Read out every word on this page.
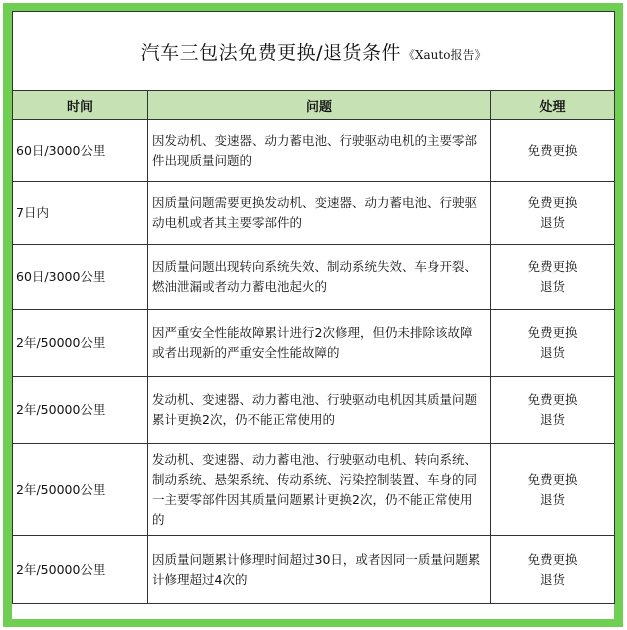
汽车三包法免费更换/退货条件 《Xauto报告》		
时间	问题	处理
60日/3000公里	因发动机、变速器、动力蓄电池、行驶驱动电机的主要零部件出现质量问题的	免费更换

7日内	因质量问题需要更换发动机、变速器、动力蓄电池、行驶驱动电机或者其主要零部件的	免费更换
退货

60日/3000公里	因质量问题出现转向系统失效、制动系统失效、车身开裂、燃油泄漏或者动力蓄电池起火的	免费更换
退货

2年/50000公里	因严重安全性能故障累计进行2次修理，但仍未排除该故障或者出现新的严重安全性能故障的	免费更换
退货

2年/50000公里	发动机、变速器、动力蓄电池、行驶驱动电机因其质量问题累计更换2次，仍不能正常使用的	免费更换
退货

2年/50000公里	发动机、变速器、动力蓄电池、行驶驱动电机、转向系统、制动系统、悬架系统、传动系统、污染控制装置、车身的同一主要零部件因其质量问题累计更换2次，仍不能正常使用的	免费更换
退货

2年/50000公里	因质量问题累计修理时间超过30日，或者因同一质量问题累计修理超过4次的	免费更换
退货
